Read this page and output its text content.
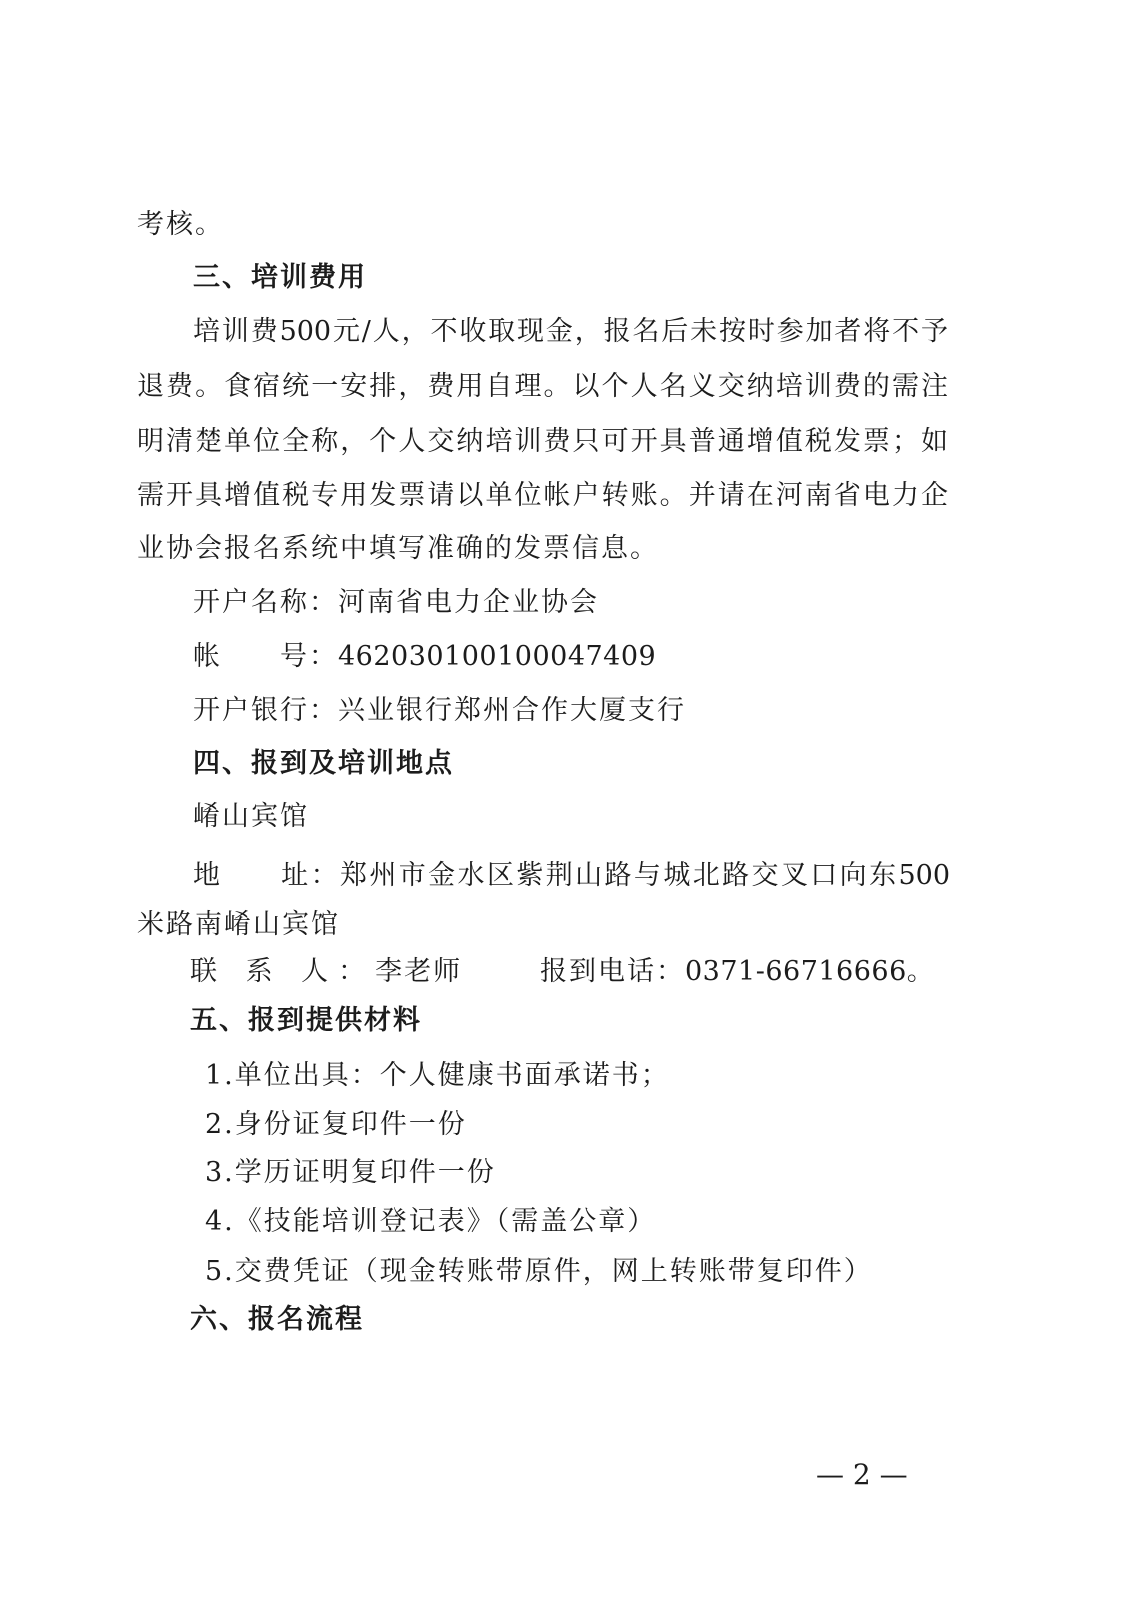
考核。
三、培训费用
培训费500元/人，不收取现金，报名后未按时参加者将不予
退费。食宿统一安排，费用自理。以个人名义交纳培训费的需注
明清楚单位全称，个人交纳培训费只可开具普通增值税发票；如
需开具增值税专用发票请以单位帐户转账。并请在河南省电力企
业协会报名系统中填写准确的发票信息。
开户名称：河南省电力企业协会
帐　　号：462030100100047409
开户银行：兴业银行郑州合作大厦支行
四、报到及培训地点
崤山宾馆
地　　址：郑州市金水区紫荆山路与城北路交叉口向东500
米路南崤山宾馆
联 系 人：李老师	报到电话：0371-66716666。
五、报到提供材料
1.单位出具：个人健康书面承诺书；
2.身份证复印件一份
3.学历证明复印件一份
4.《技能培训登记表》（需盖公章）
5.交费凭证（现金转账带原件，网上转账带复印件）
六、报名流程
— 2 —
